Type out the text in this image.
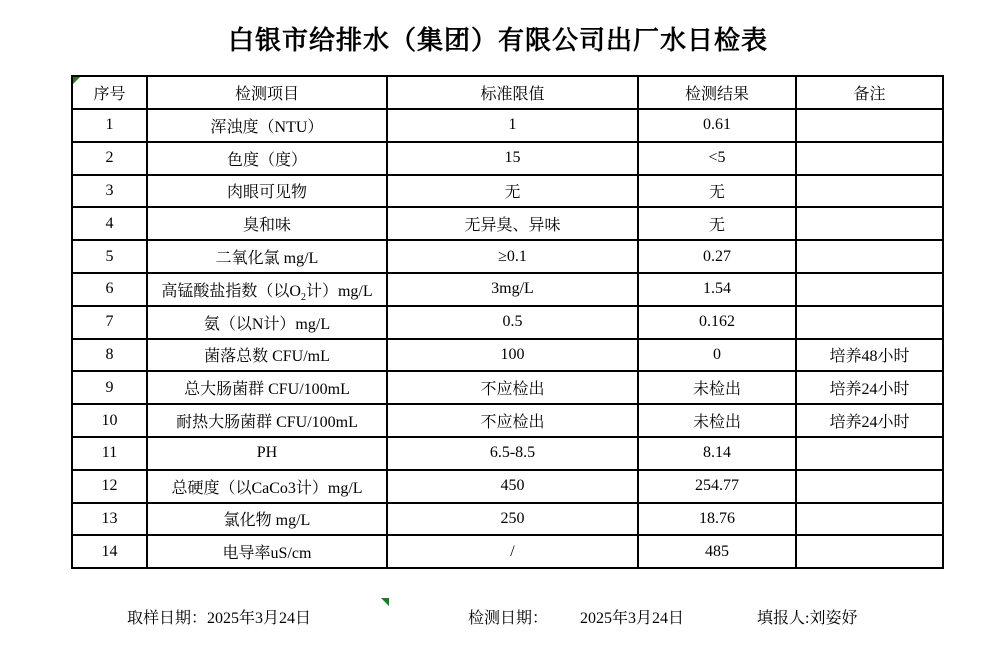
白银市给排水（集团）有限公司出厂水日检表
序号	检测项目	标准限值	检测结果	备注
1	浑浊度（NTU）	1	0.61	
2	色度（度）	15	<5	
3	肉眼可见物	无	无	
4	臭和味	无异臭、异味	无	
5	二氧化氯 mg/L	≥0.1	0.27	
6	高锰酸盐指数（以$O_2$计）mg/L	3mg/L	1.54	
7	氨（以N计）mg/L	0.5	0.162	
8	菌落总数 CFU/mL	100	0	培养48小时
9	总大肠菌群 CFU/100mL	不应检出	未检出	培养24小时
10	耐热大肠菌群 CFU/100mL	不应检出	未检出	培养24小时
11	PH	6.5-8.5	8.14	
12	总硬度（以CaCo3计）mg/L	450	254.77	
13	氯化物 mg/L	250	18.76	
14	电导率uS/cm	/	485	
取样日期：2025年3月24日	检测日期： 2025年3月24日	填报人:刘姿妤
